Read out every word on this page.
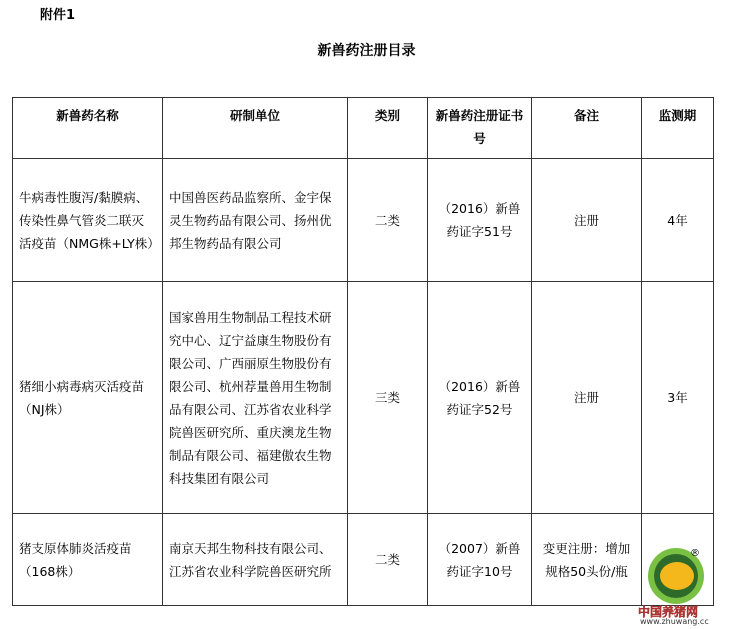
附件1
新兽药注册目录
新兽药名称	研制单位	类别	新兽药注册证书号	备注	监测期
牛病毒性腹泻/黏膜病、传染性鼻气管炎二联灭活疫苗（NMG株+LY株）	中国兽医药品监察所、金宇保灵生物药品有限公司、扬州优邦生物药品有限公司	二类	（2016）新兽药证字51号	注册	4年
猪细小病毒病灭活疫苗（NJ株）	国家兽用生物制品工程技术研究中心、辽宁益康生物股份有限公司、广西丽原生物股份有限公司、杭州荐量兽用生物制品有限公司、江苏省农业科学院兽医研究所、重庆澳龙生物制品有限公司、福建傲农生物科技集团有限公司	三类	（2016）新兽药证字52号	注册	3年
猪支原体肺炎活疫苗（168株）	南京天邦生物科技有限公司、江苏省农业科学院兽医研究所	二类	（2007）新兽药证字10号	变更注册：增加规格50头份/瓶	
®
中国养猪网
www.zhuwang.cc
